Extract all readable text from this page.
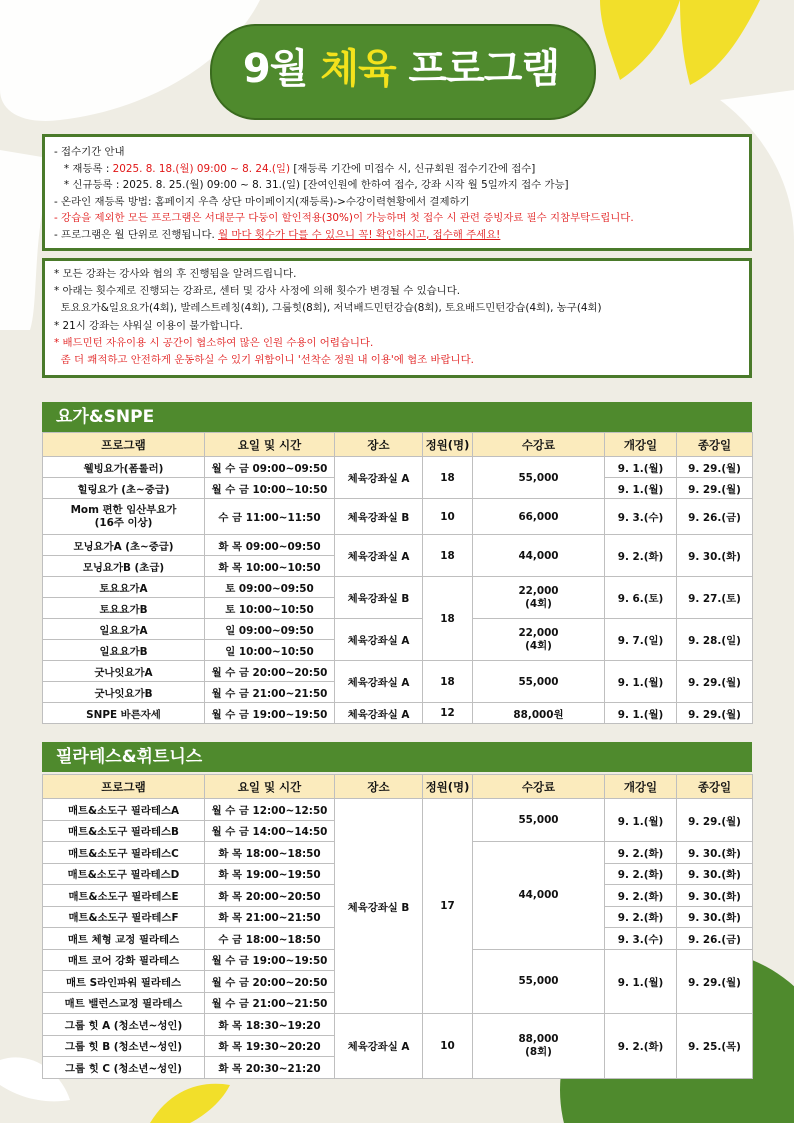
9월 체육 프로그램
- 접수기간 안내
* 재등록 : 2025. 8. 18.(월) 09:00 ~ 8. 24.(일) [재등록 기간에 미접수 시, 신규회원 접수기간에 접수]
* 신규등록 : 2025. 8. 25.(월) 09:00 ~ 8. 31.(일) [잔여인원에 한하여 접수, 강좌 시작 월 5일까지 접수 가능]
- 온라인 재등록 방법: 홈페이지 우측 상단 마이페이지(재등록)->수강이력현황에서 결제하기
- 강습을 제외한 모든 프로그램은 서대문구 다둥이 할인적용(30%)이 가능하며 첫 접수 시 관련 증빙자료 필수 지참부탁드립니다.
- 프로그램은 월 단위로 진행됩니다. 월 마다 횟수가 다를 수 있으니 꼭! 확인하시고, 접수해 주세요!
* 모든 강좌는 강사와 협의 후 진행됨을 알려드립니다.
* 아래는 횟수제로 진행되는 강좌로, 센터 및 강사 사정에 의해 횟수가 변경될 수 있습니다.
토요요가&일요요가(4회), 발레스트레칭(4회), 그룹힛(8회), 저녁배드민턴강습(8회), 토요배드민턴강습(4회), 농구(4회)
* 21시 강좌는 샤워실 이용이 불가합니다.
* 배드민턴 자유이용 시 공간이 협소하여 많은 인원 수용이 어렵습니다.
좀 더 쾌적하고 안전하게 운동하실 수 있기 위함이니 '선착순 정원 내 이용'에 협조 바랍니다.
요가&SNPE
프로그램	요일 및 시간	장소	정원(명)	수강료	개강일	종강일
웰빙요가(폼롤러)	월 수 금 09:00~09:50	체육강좌실 A	18	55,000	9. 1.(월)	9. 29.(월)
힐링요가 (초~중급)	월 수 금 10:00~10:50				9. 1.(월)	9. 29.(월)
Mom 편한 임산부요가
(16주 이상)	수 금 11:00~11:50	체육강좌실 B	10	66,000	9. 3.(수)	9. 26.(금)
모닝요가A (초~중급)	화 목 09:00~09:50	체육강좌실 A	18	44,000	9. 2.(화)	9. 30.(화)
모닝요가B (초급)	화 목 10:00~10:50					
토요요가A	토 09:00~09:50	체육강좌실 B	18	22,000
(4회)	9. 6.(토)	9. 27.(토)
토요요가B	토 10:00~10:50					
일요요가A	일 09:00~09:50	체육강좌실 A		22,000
(4회)	9. 7.(일)	9. 28.(일)
일요요가B	일 10:00~10:50					
굿나잇요가A	월 수 금 20:00~20:50	체육강좌실 A	18	55,000	9. 1.(월)	9. 29.(월)
굿나잇요가B	월 수 금 21:00~21:50					
SNPE 바른자세	월 수 금 19:00~19:50	체육강좌실 A	12	88,000원	9. 1.(월)	9. 29.(월)
필라테스&휘트니스
프로그램	요일 및 시간	장소	정원(명)	수강료	개강일	종강일
매트&소도구 필라테스A	월 수 금 12:00~12:50	체육강좌실 B	17	55,000	9. 1.(월)	9. 29.(월)
매트&소도구 필라테스B	월 수 금 14:00~14:50					
매트&소도구 필라테스C	화 목 18:00~18:50			44,000	9. 2.(화)	9. 30.(화)
매트&소도구 필라테스D	화 목 19:00~19:50				9. 2.(화)	9. 30.(화)
매트&소도구 필라테스E	화 목 20:00~20:50				9. 2.(화)	9. 30.(화)
매트&소도구 필라테스F	화 목 21:00~21:50				9. 2.(화)	9. 30.(화)
매트 체형 교정 필라테스	수 금 18:00~18:50				9. 3.(수)	9. 26.(금)
매트 코어 강화 필라테스	월 수 금 19:00~19:50			55,000	9. 1.(월)	9. 29.(월)
매트 S라인파워 필라테스	월 수 금 20:00~20:50					
매트 밸런스교정 필라테스	월 수 금 21:00~21:50					
그룹 힛 A (청소년~성인)	화 목 18:30~19:20	체육강좌실 A	10	88,000
(8회)	9. 2.(화)	9. 25.(목)
그룹 힛 B (청소년~성인)	화 목 19:30~20:20					
그룹 힛 C (청소년~성인)	화 목 20:30~21:20					
